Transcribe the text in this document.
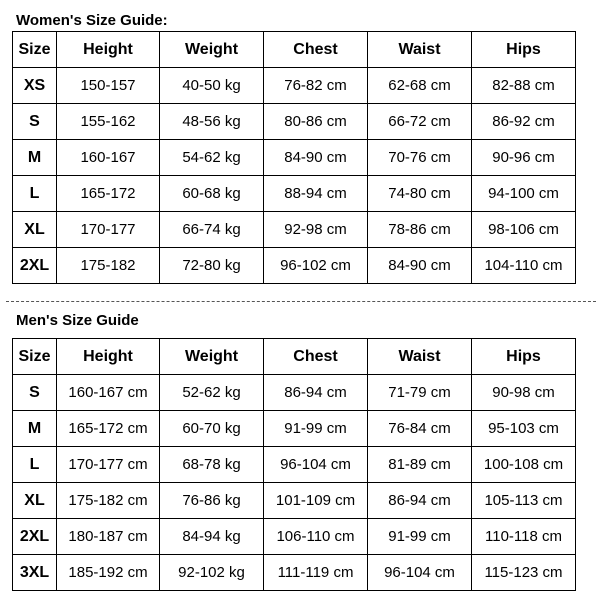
Women's Size Guide:
Size	Height	Weight	Chest	Waist	Hips
XS	150-157	40-50 kg	76-82 cm	62-68 cm	82-88 cm
S	155-162	48-56 kg	80-86 cm	66-72 cm	86-92 cm
M	160-167	54-62 kg	84-90 cm	70-76 cm	90-96 cm
L	165-172	60-68 kg	88-94 cm	74-80 cm	94-100 cm
XL	170-177	66-74 kg	92-98 cm	78-86 cm	98-106 cm
2XL	175-182	72-80 kg	96-102 cm	84-90 cm	104-110 cm
Men's Size Guide
Size	Height	Weight	Chest	Waist	Hips
S	160-167 cm	52-62 kg	86-94 cm	71-79 cm	90-98 cm
M	165-172 cm	60-70 kg	91-99 cm	76-84 cm	95-103 cm
L	170-177 cm	68-78 kg	96-104 cm	81-89 cm	100-108 cm
XL	175-182 cm	76-86 kg	101-109 cm	86-94 cm	105-113 cm
2XL	180-187 cm	84-94 kg	106-110 cm	91-99 cm	110-118 cm
3XL	185-192 cm	92-102 kg	111-119 cm	96-104 cm	115-123 cm
